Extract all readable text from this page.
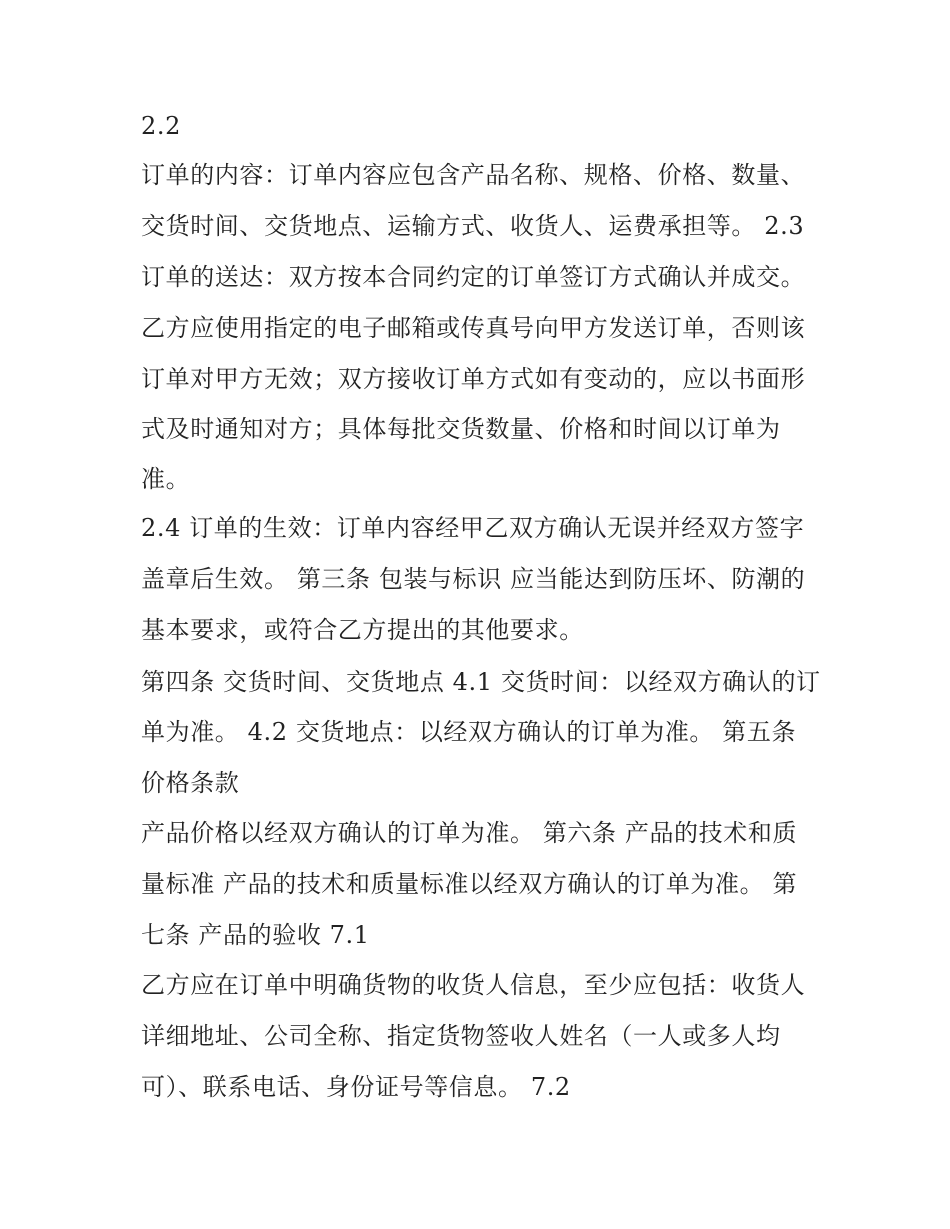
2.2
订单的内容：订单内容应包含产品名称、规格、价格、数量、
交货时间、交货地点、运输方式、收货人、运费承担等。 2.3
订单的送达：双方按本合同约定的订单签订方式确认并成交。
乙方应使用指定的电子邮箱或传真号向甲方发送订单，否则该
订单对甲方无效；双方接收订单方式如有变动的，应以书面形
式及时通知对方；具体每批交货数量、价格和时间以订单为
准。
2.4 订单的生效：订单内容经甲乙双方确认无误并经双方签字
盖章后生效。 第三条 包装与标识 应当能达到防压坏、防潮的
基本要求，或符合乙方提出的其他要求。
第四条 交货时间、交货地点 4.1 交货时间：以经双方确认的订
单为准。 4.2 交货地点：以经双方确认的订单为准。 第五条
价格条款
产品价格以经双方确认的订单为准。 第六条 产品的技术和质
量标准 产品的技术和质量标准以经双方确认的订单为准。 第
七条 产品的验收 7.1
乙方应在订单中明确货物的收货人信息，至少应包括：收货人
详细地址、公司全称、指定货物签收人姓名（一人或多人均
可）、联系电话、身份证号等信息。 7.2
